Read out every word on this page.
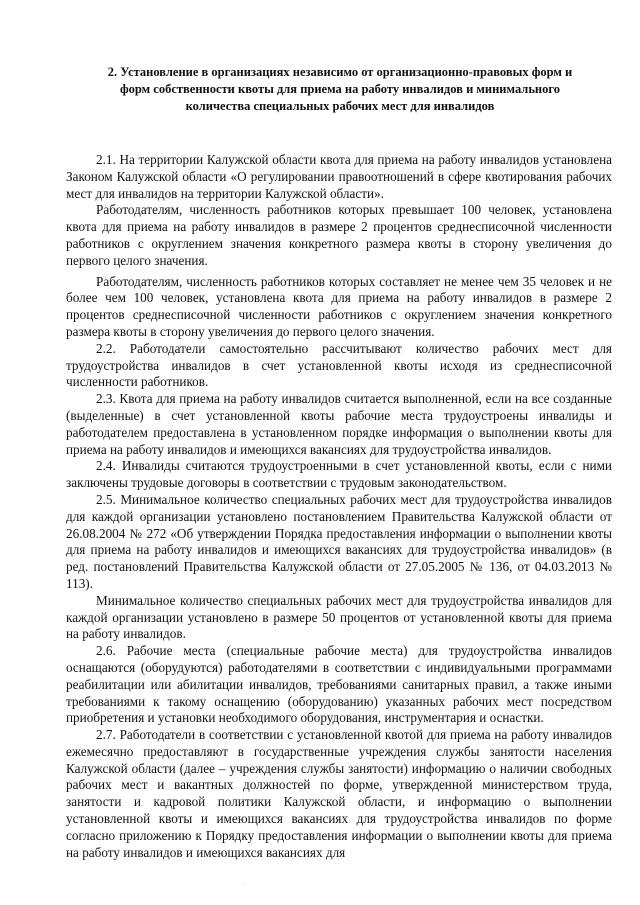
2. Установление в организациях независимо от организационно-правовых форм и
форм собственности квоты для приема на работу инвалидов и минимального
количества специальных рабочих мест для инвалидов

2.1. На территории Калужской области квота для приема на работу инвалидов установлена Законом Калужской области «О регулировании правоотношений в сфере квотирования рабочих мест для инвалидов на территории Калужской области».

Работодателям, численность работников которых превышает 100 человек, установлена квота для приема на работу инвалидов в размере 2 процентов среднесписочной численности работников с округлением значения конкретного размера квоты в сторону увеличения до первого целого значения.

Работодателям, численность работников которых составляет не менее чем 35 человек и не более чем 100 человек, установлена квота для приема на работу инвалидов в размере 2 процентов среднесписочной численности работников с округлением значения конкретного размера квоты в сторону увеличения до первого целого значения.

2.2. Работодатели самостоятельно рассчитывают количество рабочих мест для трудоустройства инвалидов в счет установленной квоты исходя из среднесписочной численности работников.

2.3. Квота для приема на работу инвалидов считается выполненной, если на все созданные (выделенные) в счет установленной квоты рабочие места трудоустроены инвалиды и работодателем предоставлена в установленном порядке информация о выполнении квоты для приема на работу инвалидов и имеющихся вакансиях для трудоустройства инвалидов.

2.4. Инвалиды считаются трудоустроенными в счет установленной квоты, если с ними заключены трудовые договоры в соответствии с трудовым законодательством.

2.5. Минимальное количество специальных рабочих мест для трудоустройства инвалидов для каждой организации установлено постановлением Правительства Калужской области от 26.08.2004 № 272 «Об утверждении Порядка предоставления информации о выполнении квоты для приема на работу инвалидов и имеющихся вакансиях для трудоустройства инвалидов» (в ред. постановлений Правительства Калужской области от 27.05.2005 № 136, от 04.03.2013 № 113).

Минимальное количество специальных рабочих мест для трудоустройства инвалидов для каждой организации установлено в размере 50 процентов от установленной квоты для приема на работу инвалидов.

2.6. Рабочие места (специальные рабочие места) для трудоустройства инвалидов оснащаются (оборудуются) работодателями в соответствии с индивидуальными программами реабилитации или абилитации инвалидов, требованиями санитарных правил, а также иными требованиями к такому оснащению (оборудованию) указанных рабочих мест посредством приобретения и установки необходимого оборудования, инструментария и оснастки.

2.7. Работодатели в соответствии с установленной квотой для приема на работу инвалидов ежемесячно предоставляют в государственные учреждения службы занятости населения Калужской области (далее – учреждения службы занятости) информацию о наличии свободных рабочих мест и вакантных должностей по форме, утвержденной министерством труда, занятости и кадровой политики Калужской области, и информацию о выполнении установленной квоты и имеющихся вакансиях для трудоустройства инвалидов по форме согласно приложению к Порядку предоставления информации о выполнении квоты для приема на работу инвалидов и имеющихся вакансиях для
